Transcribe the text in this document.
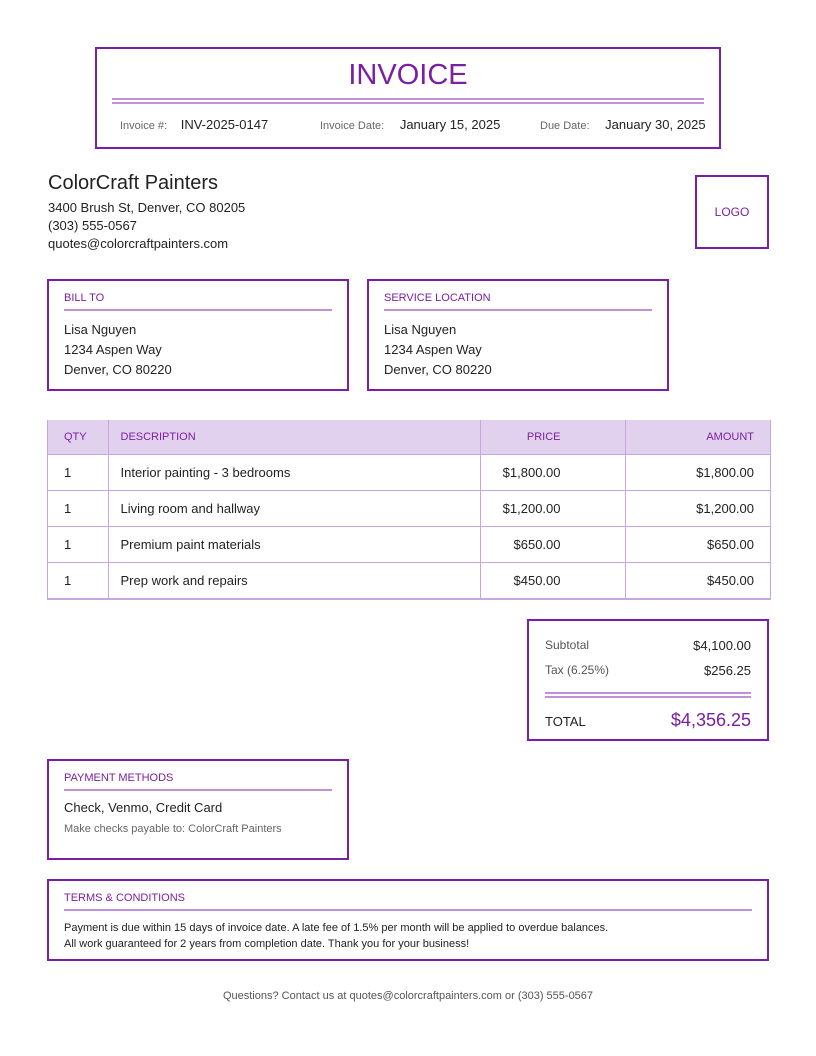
INVOICE
Invoice #: INV-2025-0147	Invoice Date: January 15, 2025	Due Date: January 30, 2025
ColorCraft Painters
3400 Brush St, Denver, CO 80205
(303) 555-0567
quotes@colorcraftpainters.com
LOGO
BILL TO
Lisa Nguyen
1234 Aspen Way
Denver, CO 80220
SERVICE LOCATION
Lisa Nguyen
1234 Aspen Way
Denver, CO 80220
QTY	DESCRIPTION	PRICE	AMOUNT
1	Interior painting - 3 bedrooms	$1,800.00	$1,800.00
1	Living room and hallway	$1,200.00	$1,200.00
1	Premium paint materials	$650.00	$650.00
1	Prep work and repairs	$450.00	$450.00
Subtotal	$4,100.00
Tax (6.25%)	$256.25
TOTAL	$4,356.25
PAYMENT METHODS
Check, Venmo, Credit Card
Make checks payable to: ColorCraft Painters
TERMS & CONDITIONS
Payment is due within 15 days of invoice date. A late fee of 1.5% per month will be applied to overdue balances.
All work guaranteed for 2 years from completion date. Thank you for your business!
Questions? Contact us at quotes@colorcraftpainters.com or (303) 555-0567
